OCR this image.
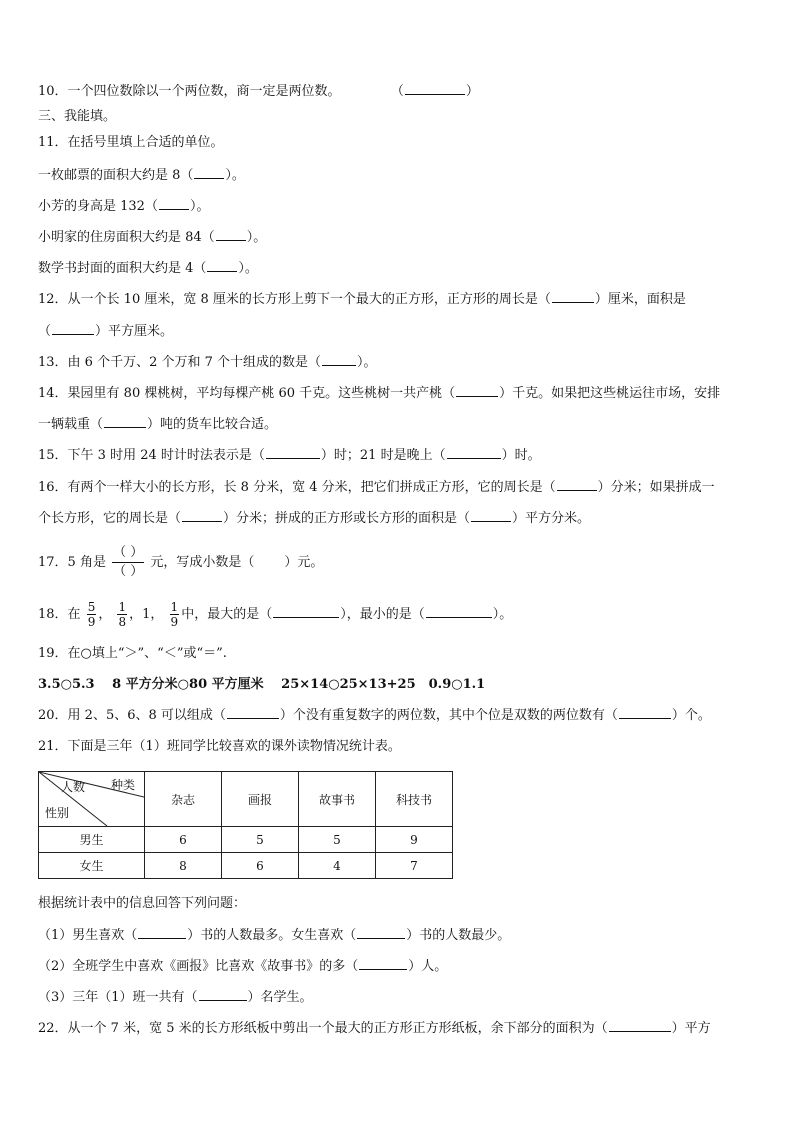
10．一个四位数除以一个两位数，商一定是两位数。	（	）
三、我能填。
11．在括号里填上合适的单位。
一枚邮票的面积大约是 8（ ）。
小芳的身高是 132（ ）。
小明家的住房面积大约是 84（ ）。
数学书封面的面积大约是 4（ ）。
12．从一个长 10 厘米，宽 8 厘米的长方形上剪下一个最大的正方形，正方形的周长是（	）厘米，面积是
（	）平方厘米。
13．由 6 个千万、2 个万和 7 个十组成的数是（	）。
14．果园里有 80 棵桃树，平均每棵产桃 60 千克。这些桃树一共产桃（	）千克。如果把这些桃运往市场，安排
一辆载重（	）吨的货车比较合适。
15．下午 3 时用 24 时计时法表示是（	）时；21 时是晚上（	）时。
16．有两个一样大小的长方形，长 8 分米，宽 4 分米，把它们拼成正方形，它的周长是（	）分米；如果拼成一
个长方形，它的周长是（	）分米；拼成的正方形或长方形的面积是（	）平方分米。
17．5 角是 $\frac{( )}{( )}$ 元，写成小数是（ ）元。
18．在 $\frac{5}{9}$ ， $\frac{1}{8}$ ，1， $\frac{1}{9}$ 中，最大的是（	），最小的是（	）。
19．在○填上“＞”、“＜”或“＝”.
3.5○5.3　 8 平方分米○80 平方厘米　 25×14○25×13+25　0.9○1.1
20．用 2、5、6、8 可以组成（	）个没有重复数字的两位数，其中个位是双数的两位数有（	）个。
21．下面是三年（1）班同学比较喜欢的课外读物情况统计表。
种类
人数
性别	杂志	画报	故事书	科技书
男生	6	5	5	9
女生	8	6	4	7
根据统计表中的信息回答下列问题：
（1）男生喜欢（	）书的人数最多。女生喜欢（	）书的人数最少。
（2）全班学生中喜欢《画报》比喜欢《故事书》的多（	）人。
（3）三年（1）班一共有（	）名学生。
22．从一个 7 米，宽 5 米的长方形纸板中剪出一个最大的正方形正方形纸板，余下部分的面积为（	）平方
